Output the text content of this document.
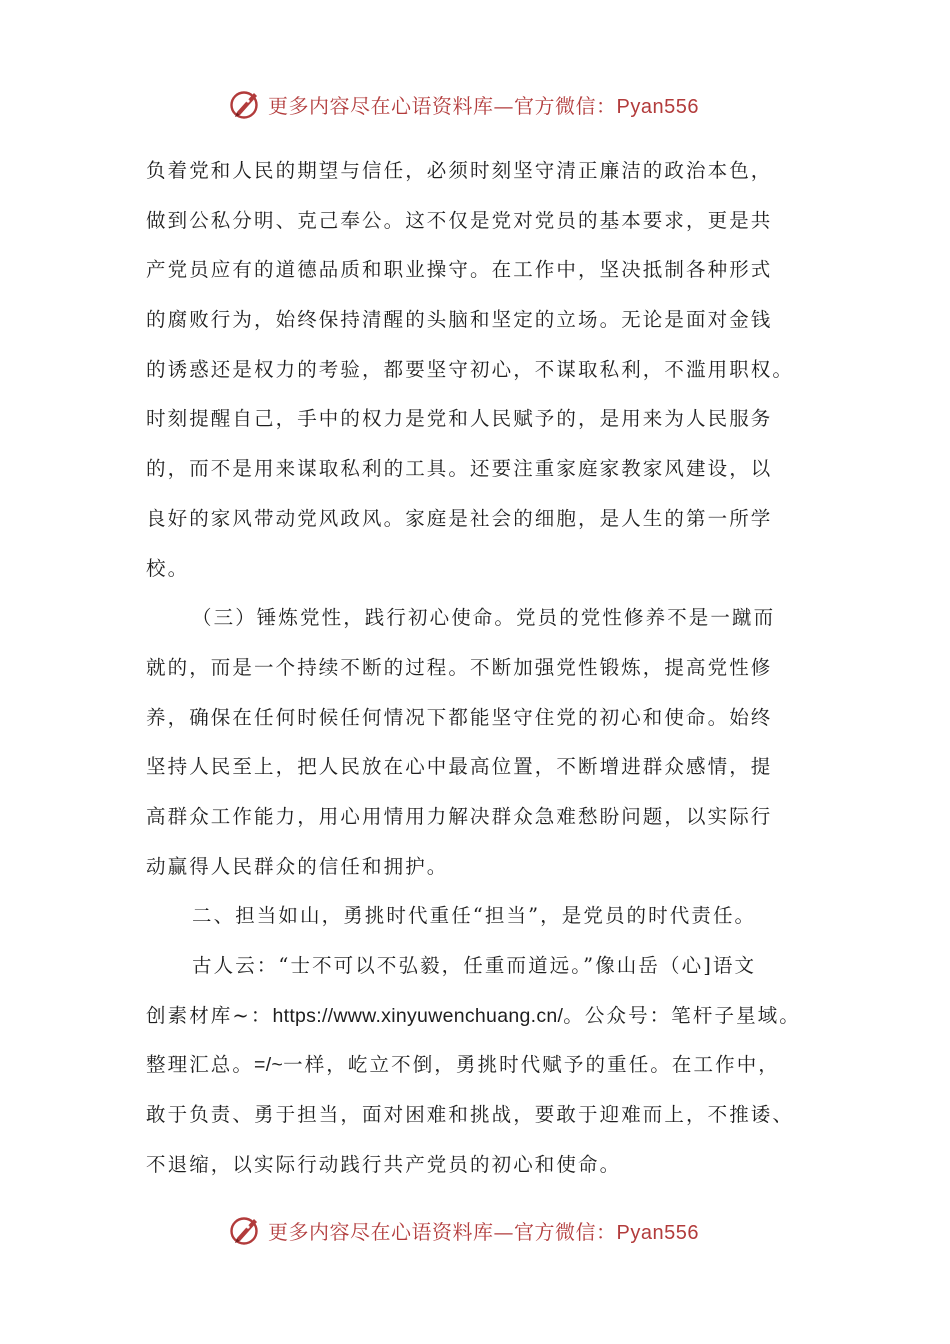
更多内容尽在心语资料库—官方微信：Pyan556
负着党和人民的期望与信任，必须时刻坚守清正廉洁的政治本色，
做到公私分明、克己奉公。这不仅是党对党员的基本要求，更是共
产党员应有的道德品质和职业操守。在工作中，坚决抵制各种形式
的腐败行为，始终保持清醒的头脑和坚定的立场。无论是面对金钱
的诱惑还是权力的考验，都要坚守初心，不谋取私利，不滥用职权。
时刻提醒自己，手中的权力是党和人民赋予的，是用来为人民服务
的，而不是用来谋取私利的工具。还要注重家庭家教家风建设，以
良好的家风带动党风政风。家庭是社会的细胞，是人生的第一所学
校。
（三）锤炼党性，践行初心使命。党员的党性修养不是一蹴而
就的，而是一个持续不断的过程。不断加强党性锻炼，提高党性修
养，确保在任何时候任何情况下都能坚守住党的初心和使命。始终
坚持人民至上，把人民放在心中最高位置，不断增进群众感情，提
高群众工作能力，用心用情用力解决群众急难愁盼问题，以实际行
动赢得人民群众的信任和拥护。
二、担当如山，勇挑时代重任“担当”，是党员的时代责任。
古人云：“士不可以不弘毅，任重而道远。”像山岳（心]语文
创素材库~：https://www.xinyuwenchuang.cn/。公众号：笔杆子星域。
整理汇总。=/~一样，屹立不倒，勇挑时代赋予的重任。在工作中，
敢于负责、勇于担当，面对困难和挑战，要敢于迎难而上，不推诿、
不退缩，以实际行动践行共产党员的初心和使命。
更多内容尽在心语资料库—官方微信：Pyan556
